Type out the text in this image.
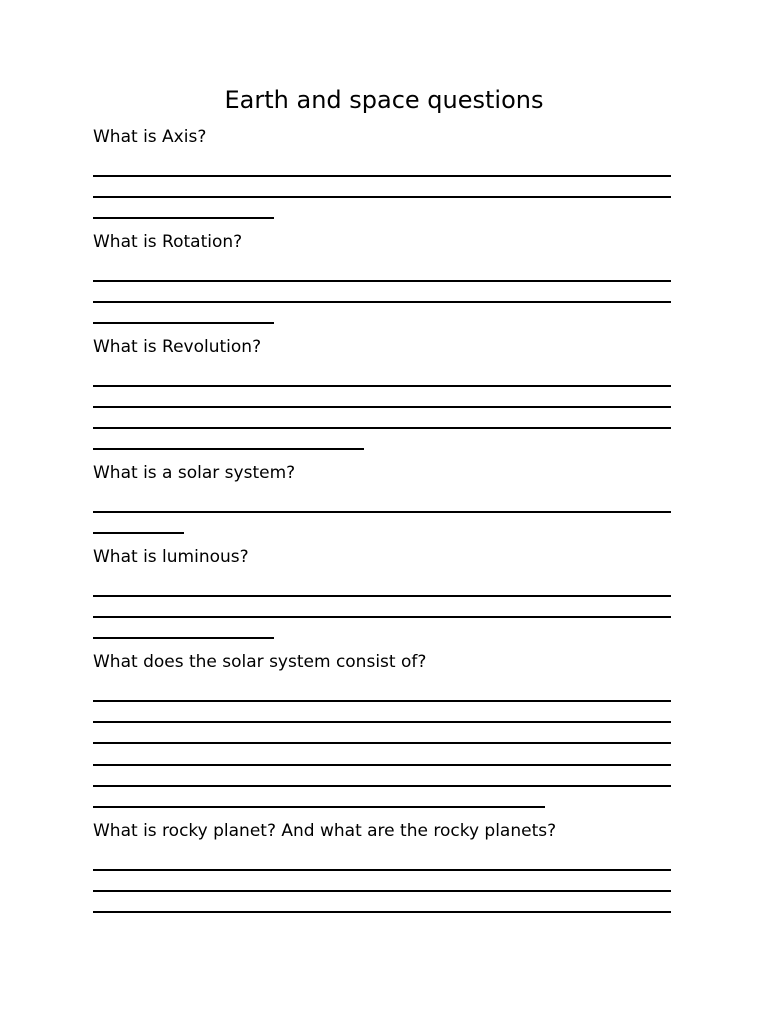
Earth and space questions
What is Axis?
What is Rotation?
What is Revolution?
What is a solar system?
What is luminous?
What does the solar system consist of?
What is rocky planet? And what are the rocky planets?
